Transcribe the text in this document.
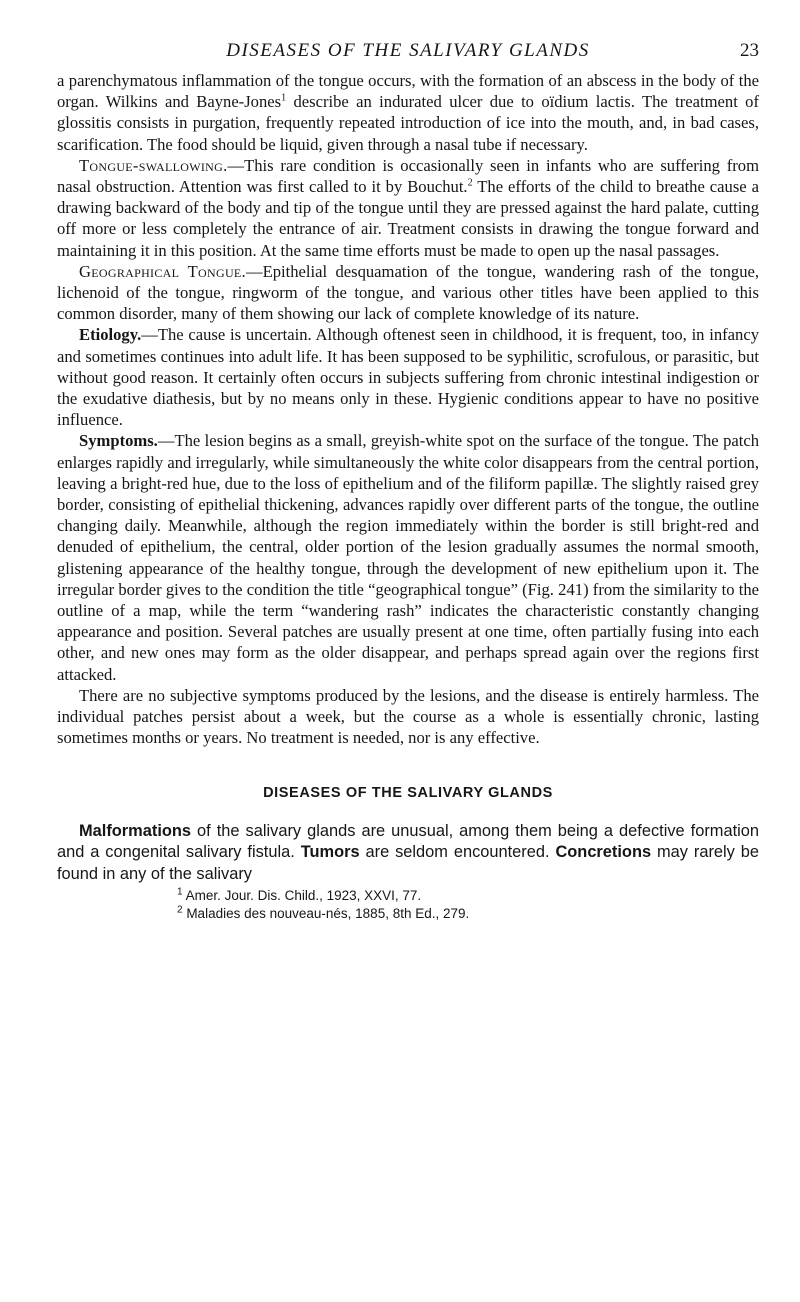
DISEASES OF THE SALIVARY GLANDS	23

a parenchymatous inflammation of the tongue occurs, with the formation of an abscess in the body of the organ. Wilkins and Bayne-Jones$^1$ describe an indurated ulcer due to oïdium lactis. The treatment of glossitis consists in purgation, frequently repeated introduction of ice into the mouth, and, in bad cases, scarification. The food should be liquid, given through a nasal tube if necessary.

Tongue-swallowing.—This rare condition is occasionally seen in infants who are suffering from nasal obstruction. Attention was first called to it by Bouchut.$^2$ The efforts of the child to breathe cause a drawing backward of the body and tip of the tongue until they are pressed against the hard palate, cutting off more or less completely the entrance of air. Treatment consists in drawing the tongue forward and maintaining it in this position. At the same time efforts must be made to open up the nasal passages.

Geographical Tongue.—Epithelial desquamation of the tongue, wandering rash of the tongue, lichenoid of the tongue, ringworm of the tongue, and various other titles have been applied to this common disorder, many of them showing our lack of complete knowledge of its nature.

Etiology.—The cause is uncertain. Although oftenest seen in childhood, it is frequent, too, in infancy and sometimes continues into adult life. It has been supposed to be syphilitic, scrofulous, or parasitic, but without good reason. It certainly often occurs in subjects suffering from chronic intestinal indigestion or the exudative diathesis, but by no means only in these. Hygienic conditions appear to have no positive influence.

Symptoms.—The lesion begins as a small, greyish-white spot on the surface of the tongue. The patch enlarges rapidly and irregularly, while simultaneously the white color disappears from the central portion, leaving a bright-red hue, due to the loss of epithelium and of the filiform papillæ. The slightly raised grey border, consisting of epithelial thickening, advances rapidly over different parts of the tongue, the outline changing daily. Meanwhile, although the region immediately within the border is still bright-red and denuded of epithelium, the central, older portion of the lesion gradually assumes the normal smooth, glistening appearance of the healthy tongue, through the development of new epithelium upon it. The irregular border gives to the condition the title “geographical tongue” (Fig. 241) from the similarity to the outline of a map, while the term “wandering rash” indicates the characteristic constantly changing appearance and position. Several patches are usually present at one time, often partially fusing into each other, and new ones may form as the older disappear, and perhaps spread again over the regions first attacked.

There are no subjective symptoms produced by the lesions, and the disease is entirely harmless. The individual patches persist about a week, but the course as a whole is essentially chronic, lasting sometimes months or years. No treatment is needed, nor is any effective.

DISEASES OF THE SALIVARY GLANDS

Malformations of the salivary glands are unusual, among them being a defective formation and a congenital salivary fistula. Tumors are seldom encountered. Concretions may rarely be found in any of the salivary

$^1$ Amer. Jour. Dis. Child., 1923, XXVI, 77.
$^2$ Maladies des nouveau-nés, 1885, 8th Ed., 279.
